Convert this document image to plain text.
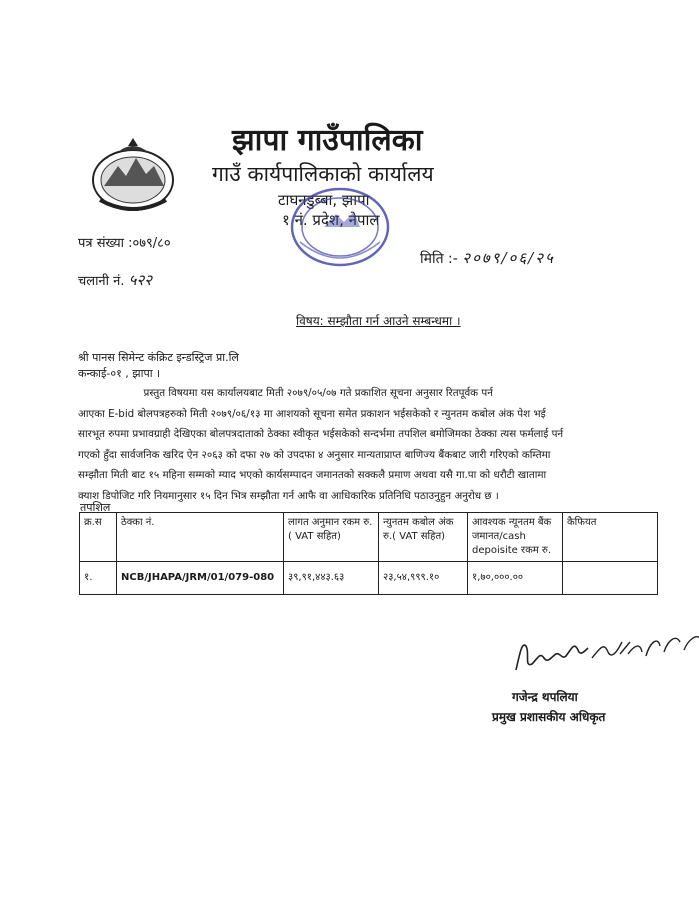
झापा गाउँपालिका
गाउँ कार्यपालिकाको कार्यालय
टाघनडुब्बा, झापा
१ नं. प्रदेश, नेपाल
पत्र संख्या :०७९/८०
चलानी नं. ५२२
मिति :- २०७९/०६/२५
विषय: सम्झौता गर्न आउने सम्बन्धमा ।
श्री पानस सिमेन्ट कंक्रिट इन्डस्ट्रिज प्रा.लि
कन्काई-०१ , झापा ।

प्रस्तुत विषयमा यस कार्यालयबाट मिती २०७९/०५/०७ गते प्रकाशित सूचना अनुसार रितपूर्वक पर्न

आएका E-bid बोलपत्रहरुको मिती २०७९/०६/१३ मा आशयको सूचना समेत प्रकाशन भईसकेको र न्युनतम कबोल अंक पेश भई

सारभूत रुपमा प्रभावग्राही देखिएका बोलपत्रदाताको ठेक्का स्वीकृत भईसकेको सन्दर्भमा तपशिल बमोजिमका ठेक्का त्यस फर्मलाई पर्न

गएको हुँदा सार्वजनिक खरिद ऐन २०६३ को दफा २७ को उपदफा ४ अनुसार मान्यताप्राप्त बाणिज्य बैंकबाट जारी गरिएको कम्तिमा

सम्झौता मिती बाट १५ महिना सम्मको म्याद भएको कार्यसम्पादन जमानतको सक्कलै प्रमाण अथवा यसै गा.पा को धरौटी खातामा

क्याश डिपोजिट गरि नियमानुसार १५ दिन भित्र सम्झौता गर्न आफै वा आधिकारिक प्रतिनिधि पठाउनुहुन अनुरोध छ ।

तपशिल
क्र.स	ठेक्का नं.	लागत अनुमान रकम रु.( VAT सहित)	न्युनतम कबोल अंक रु.( VAT सहित)	आवश्यक न्यूनतम बैंक जमानत/cash depoisite रकम रु.	कैफियत
१.	NCB/JHAPA/JRM/01/079-080	३९,९१,४४३.६३	२३,५४,९९९.१०	१,७०,०००.००	
गजेन्द्र थपलिया
प्रमुख प्रशासकीय अधिकृत
